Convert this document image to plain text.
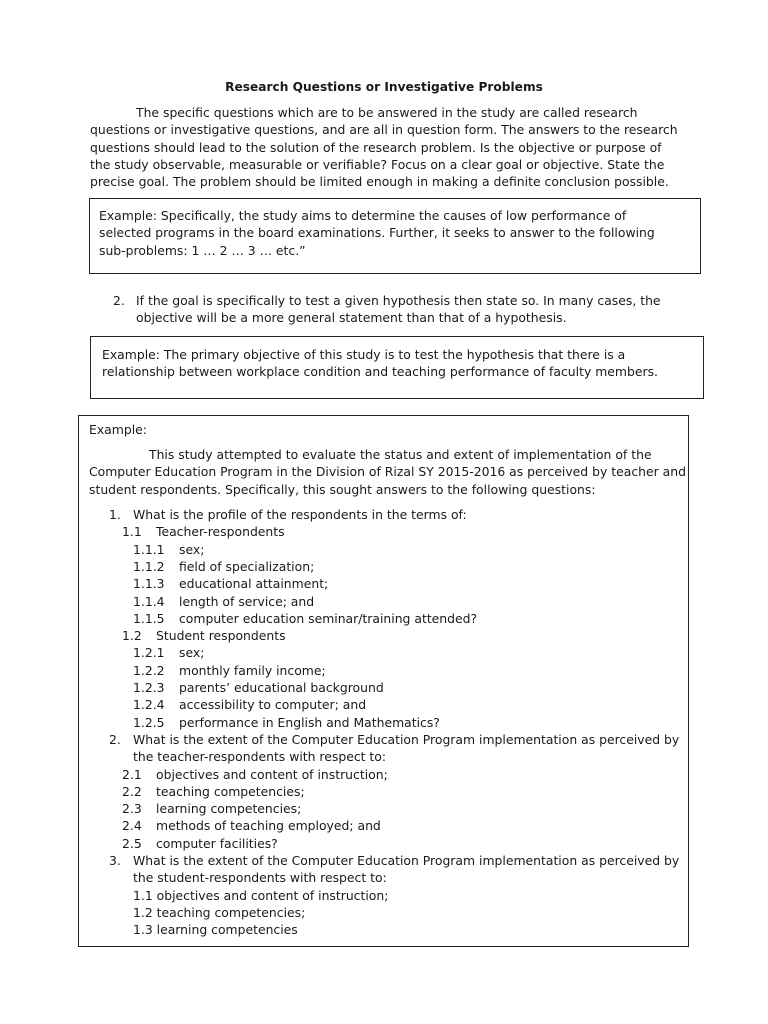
Research Questions or Investigative Problems
The specific questions which are to be answered in the study are called research
questions or investigative questions, and are all in question form. The answers to the research
questions should lead to the solution of the research problem. Is the objective or purpose of
the study observable, measurable or verifiable? Focus on a clear goal or objective. State the
precise goal. The problem should be limited enough in making a definite conclusion possible.
Example: Specifically, the study aims to determine the causes of low performance of
selected programs in the board examinations. Further, it seeks to answer to the following
sub-problems: 1 … 2 … 3 … etc.”
2. If the goal is specifically to test a given hypothesis then state so. In many cases, the
objective will be a more general statement than that of a hypothesis.
Example: The primary objective of this study is to test the hypothesis that there is a
relationship between workplace condition and teaching performance of faculty members.
Example:
This study attempted to evaluate the status and extent of implementation of the
Computer Education Program in the Division of Rizal SY 2015-2016 as perceived by teacher and
student respondents. Specifically, this sought answers to the following questions:
1. What is the profile of the respondents in the terms of:
1.1 Teacher-respondents
1.1.1 sex;
1.1.2 field of specialization;
1.1.3 educational attainment;
1.1.4 length of service; and
1.1.5 computer education seminar/training attended?
1.2 Student respondents
1.2.1 sex;
1.2.2 monthly family income;
1.2.3 parents’ educational background
1.2.4 accessibility to computer; and
1.2.5 performance in English and Mathematics?
2. What is the extent of the Computer Education Program implementation as perceived by
the teacher-respondents with respect to:
2.1 objectives and content of instruction;
2.2 teaching competencies;
2.3 learning competencies;
2.4 methods of teaching employed; and
2.5 computer facilities?
3. What is the extent of the Computer Education Program implementation as perceived by
the student-respondents with respect to:
1.1 objectives and content of instruction;
1.2 teaching competencies;
1.3 learning competencies
